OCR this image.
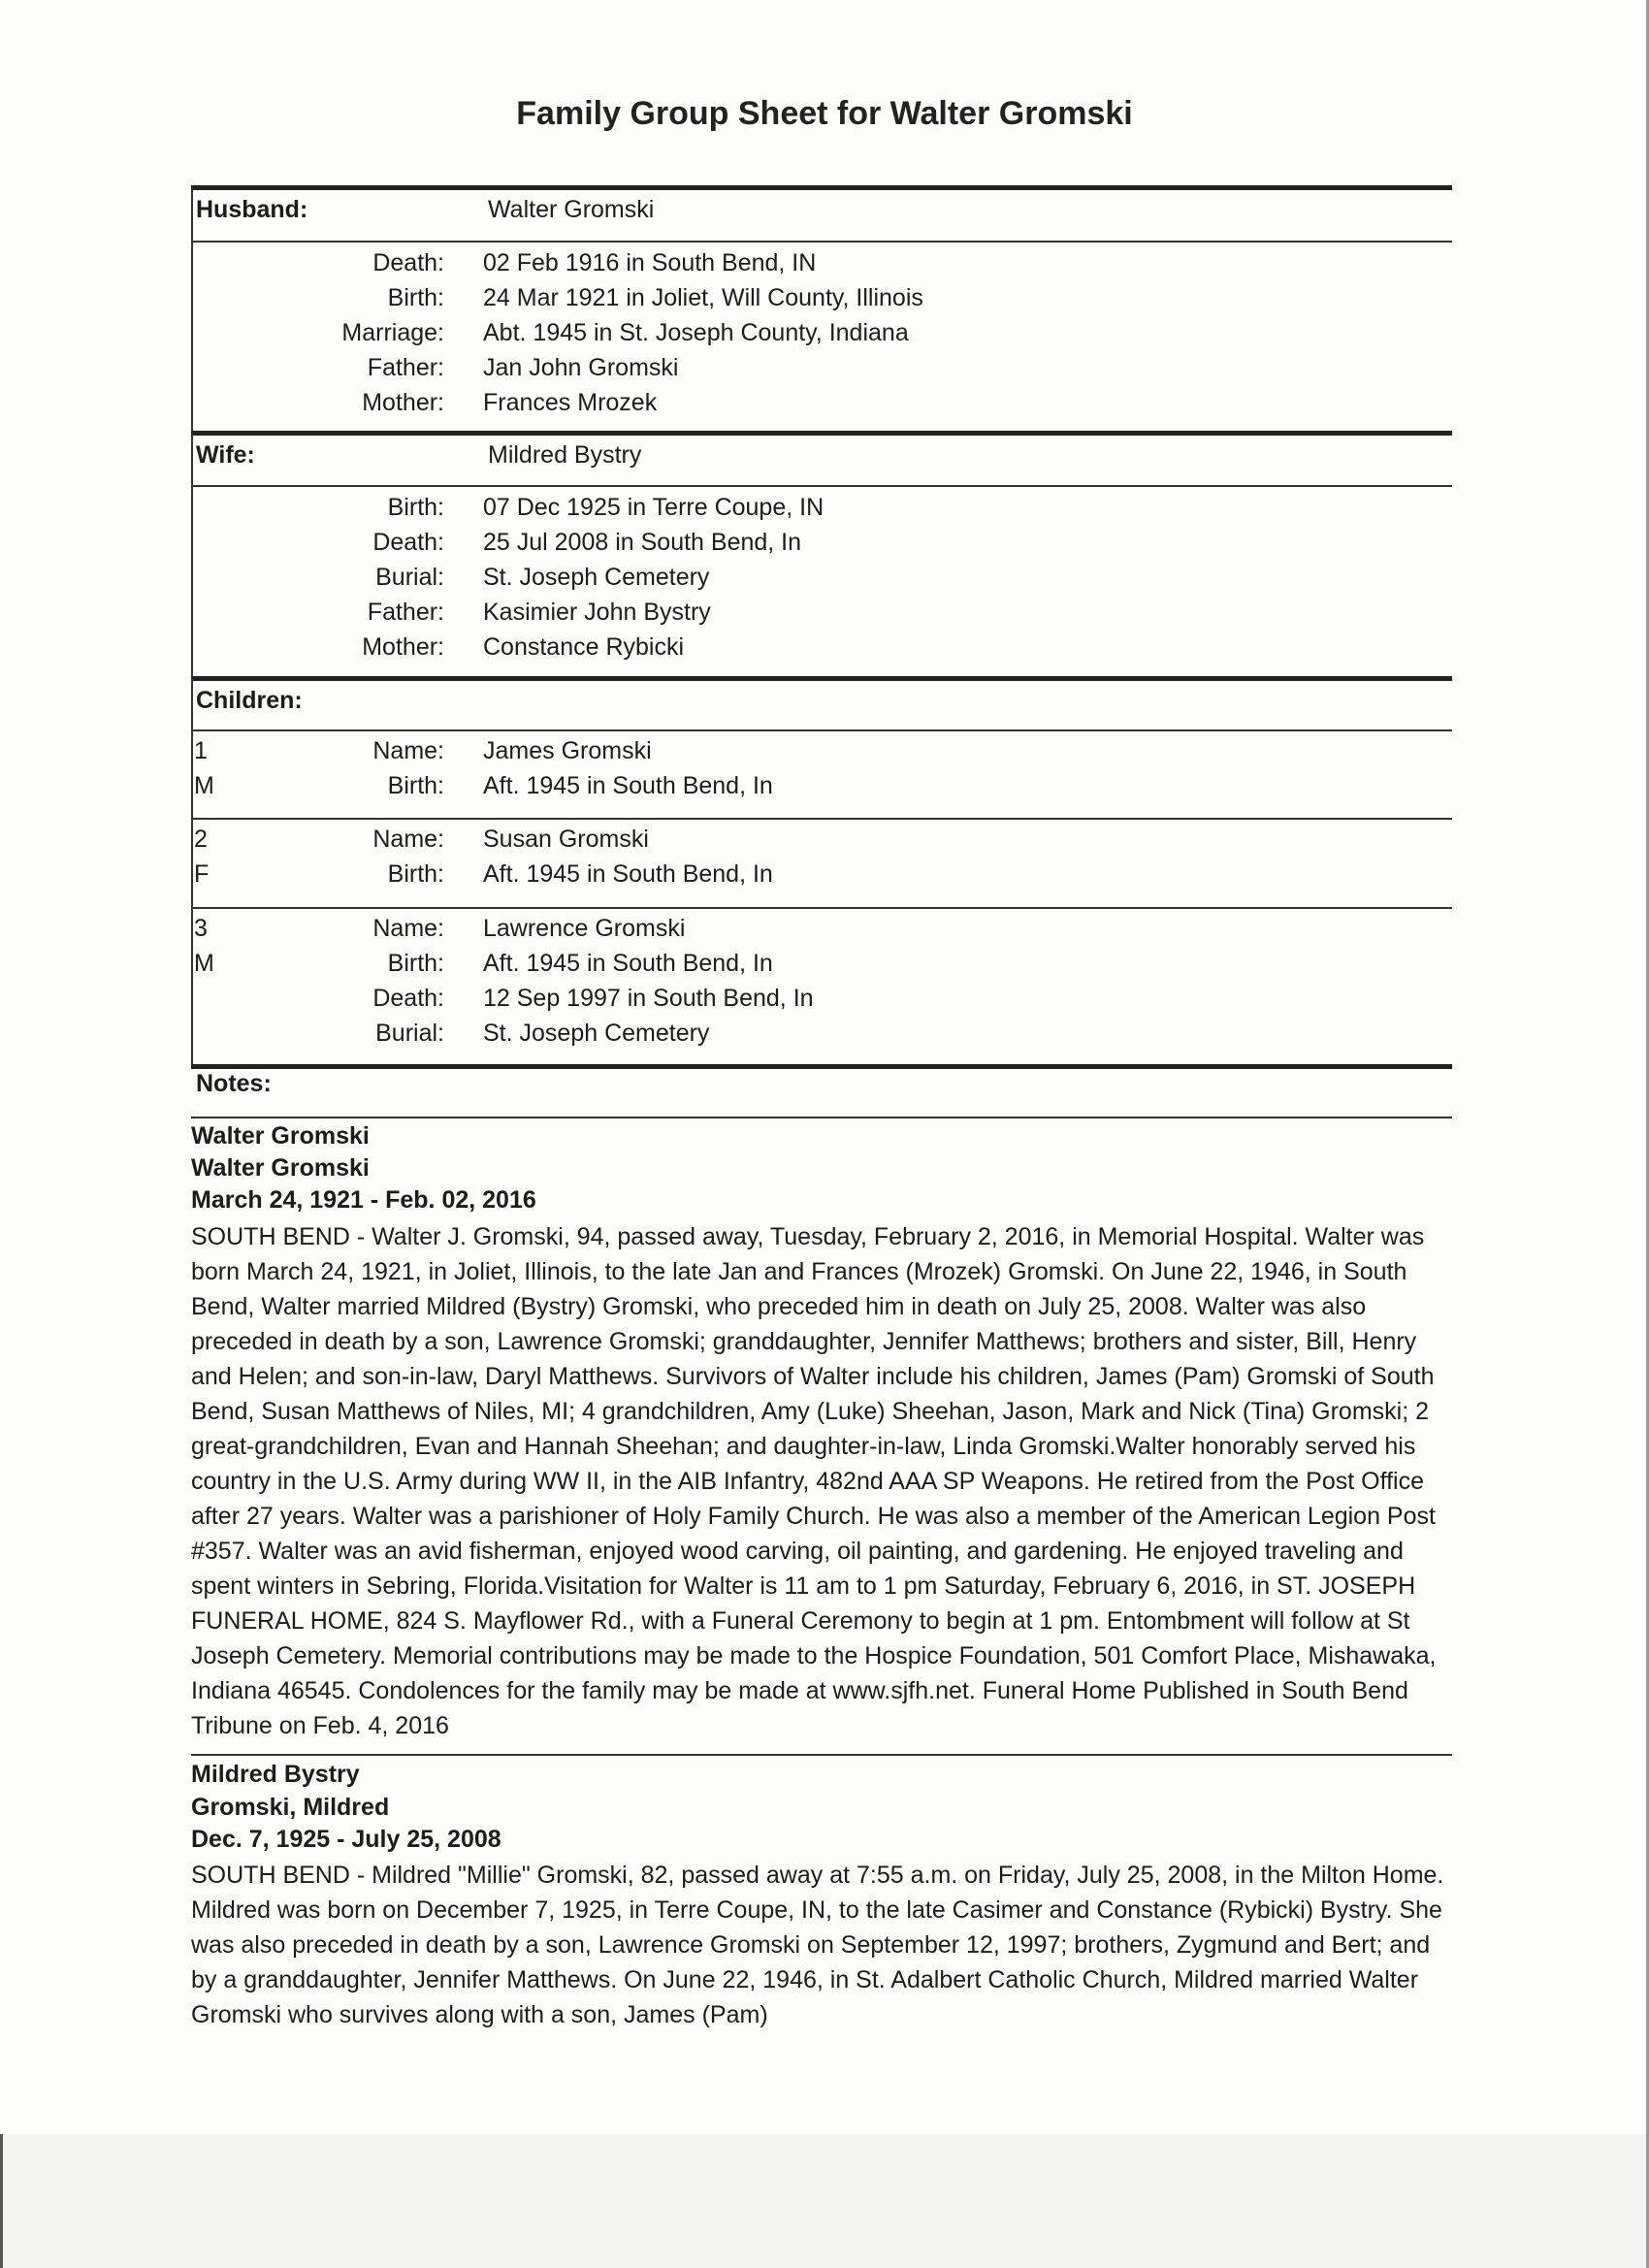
Family Group Sheet for Walter Gromski
Husband:	Walter Gromski
Death: 02 Feb 1916 in South Bend, IN
Birth: 24 Mar 1921 in Joliet, Will County, Illinois
Marriage: Abt. 1945 in St. Joseph County, Indiana
Father: Jan John Gromski
Mother: Frances Mrozek
Wife:	Mildred Bystry
Birth: 07 Dec 1925 in Terre Coupe, IN
Death: 25 Jul 2008 in South Bend, In
Burial: St. Joseph Cemetery
Father: Kasimier John Bystry
Mother: Constance Rybicki
Children:
1
M
Name: James Gromski
Birth: Aft. 1945 in South Bend, In
2
F
Name: Susan Gromski
Birth: Aft. 1945 in South Bend, In
3
M
Name: Lawrence Gromski
Birth: Aft. 1945 in South Bend, In
Death: 12 Sep 1997 in South Bend, In
Burial: St. Joseph Cemetery
Notes:
Walter Gromski
Walter Gromski
March 24, 1921 - Feb. 02, 2016

SOUTH BEND - Walter J. Gromski, 94, passed away, Tuesday, February 2, 2016, in Memorial Hospital. Walter was born March 24, 1921, in Joliet, Illinois, to the late Jan and Frances (Mrozek) Gromski. On June 22, 1946, in South Bend, Walter married Mildred (Bystry) Gromski, who preceded him in death on July 25, 2008. Walter was also preceded in death by a son, Lawrence Gromski; granddaughter, Jennifer Matthews; brothers and sister, Bill, Henry and Helen; and son-in-law, Daryl Matthews. Survivors of Walter include his children, James (Pam) Gromski of South Bend, Susan Matthews of Niles, MI; 4 grandchildren, Amy (Luke) Sheehan, Jason, Mark and Nick (Tina) Gromski; 2 great-grandchildren, Evan and Hannah Sheehan; and daughter-in-law, Linda Gromski.Walter honorably served his country in the U.S. Army during WW II, in the AIB Infantry, 482nd AAA SP Weapons. He retired from the Post Office after 27 years. Walter was a parishioner of Holy Family Church. He was also a member of the American Legion Post #357. Walter was an avid fisherman, enjoyed wood carving, oil painting, and gardening. He enjoyed traveling and spent winters in Sebring, Florida.Visitation for Walter is 11 am to 1 pm Saturday, February 6, 2016, in ST. JOSEPH FUNERAL HOME, 824 S. Mayflower Rd., with a Funeral Ceremony to begin at 1 pm. Entombment will follow at St Joseph Cemetery. Memorial contributions may be made to the Hospice Foundation, 501 Comfort Place, Mishawaka, Indiana 46545. Condolences for the family may be made at www.sjfh.net. Funeral Home Published in South Bend Tribune on Feb. 4, 2016

Mildred Bystry
Gromski, Mildred
Dec. 7, 1925 - July 25, 2008

SOUTH BEND - Mildred "Millie" Gromski, 82, passed away at 7:55 a.m. on Friday, July 25, 2008, in the Milton Home. Mildred was born on December 7, 1925, in Terre Coupe, IN, to the late Casimer and Constance (Rybicki) Bystry. She was also preceded in death by a son, Lawrence Gromski on September 12, 1997; brothers, Zygmund and Bert; and by a granddaughter, Jennifer Matthews. On June 22, 1946, in St. Adalbert Catholic Church, Mildred married Walter Gromski who survives along with a son, James (Pam)
